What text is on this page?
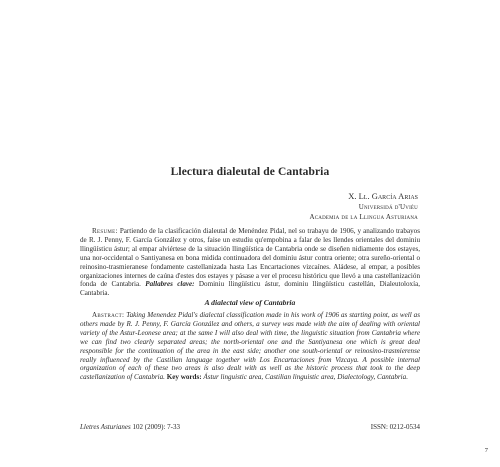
Llectura dialeutal de Cantabria
X. Ll. García Arias
Universidá d'Uviéu
Academia de la Llingua Asturiana

Resume: Partiendo de la clasificación dialeutal de Menéndez Pidal, nel so trabayu de 1906, y analizando trabayos de R. J. Penny, F. García González y otros, faise un estudiu qu'empobina a falar de les llendes orientales del dominiu llingüísticu ástur; al empar alviértese de la situación llingüística de Cantabria onde se diseñen nidiamente dos estayes, una nor-occidental o Santiyanesa en bona midida continuadora del dominiu ástur contra oriente; otra sureño-oriental o reinosino-trasmieranese fondamente castellanizada hasta Las Encartaciones vizcaínes. Aládese, al empar, a posibles organizaciones internes de caúna d'estes dos estayes y pásase a ver el procesu históricu que llevó a una castellanización fonda de Cantabria. Pallabres clave: Dominiu llingüísticu ástur, dominiu llingüísticu castellán, Dialeutoloxía, Cantabria.

A dialectal view of Cantabria

Abstract: Taking Menendez Pidal's dialectal classification made in his work of 1906 as starting point, as well as others made by R. J. Penny, F. García González and others, a survey was made with the aim of dealing with oriental variety of the Astur-Leonese area; at the same I will also deal with time, the linguistic situation from Cantabria where we can find two clearly separated areas; the north-oriental one and the Santiyanesa one which is great deal responsible for the continuation of the area in the east side; another one south-oriental or reinosino-trasmierense really influenced by the Castilian language together with Los Encartaciones from Vizcaya. A possible internal organization of each of these two areas is also dealt with as well as the historic process that took to the deep castellanization of Cantabria. Key words: Ástur linguistic area, Castilian linguistic area, Dialectology, Cantabria.

Lletres Asturianes 102 (2009): 7-33	ISSN: 0212-0534
7
